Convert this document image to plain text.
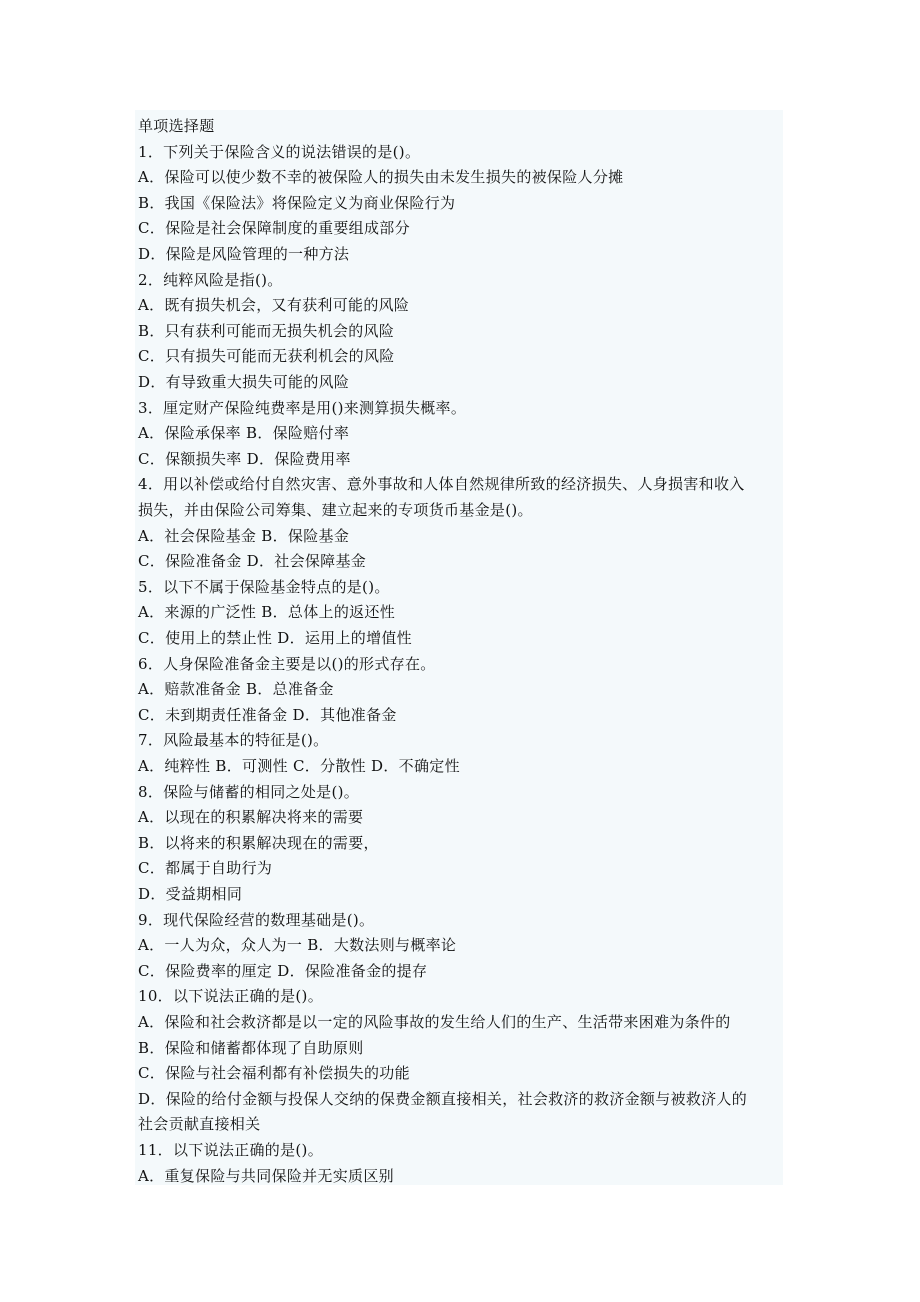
单项选择题
1．下列关于保险含义的说法错误的是()。
A．保险可以使少数不幸的被保险人的损失由未发生损失的被保险人分摊
B．我国《保险法》将保险定义为商业保险行为
C．保险是社会保障制度的重要组成部分
D．保险是风险管理的一种方法
2．纯粹风险是指()。
A．既有损失机会，又有获利可能的风险
B．只有获利可能而无损失机会的风险
C．只有损失可能而无获利机会的风险
D．有导致重大损失可能的风险
3．厘定财产保险纯费率是用()来测算损失概率。
A．保险承保率 B．保险赔付率
C．保额损失率 D．保险费用率
4．用以补偿或给付自然灾害、意外事故和人体自然规律所致的经济损失、人身损害和收入
损失，并由保险公司筹集、建立起来的专项货币基金是()。
A．社会保险基金 B．保险基金
C．保险准备金 D．社会保障基金
5．以下不属于保险基金特点的是()。
A．来源的广泛性 B．总体上的返还性
C．使用上的禁止性 D．运用上的增值性
6．人身保险准备金主要是以()的形式存在。
A．赔款准备金 B．总准备金
C．未到期责任准备金 D．其他准备金
7．风险最基本的特征是()。
A．纯粹性 B．可测性 C．分散性 D．不确定性
8．保险与储蓄的相同之处是()。
A．以现在的积累解决将来的需要
B．以将来的积累解决现在的需要，
C．都属于自助行为
D．受益期相同
9．现代保险经营的数理基础是()。
A．一人为众，众人为一 B．大数法则与概率论
C．保险费率的厘定 D．保险准备金的提存
10．以下说法正确的是()。
A．保险和社会救济都是以一定的风险事故的发生给人们的生产、生活带来困难为条件的
B．保险和储蓄都体现了自助原则
C．保险与社会福利都有补偿损失的功能
D．保险的给付金额与投保人交纳的保费金额直接相关，社会救济的救济金额与被救济人的
社会贡献直接相关
11．以下说法正确的是()。
A．重复保险与共同保险并无实质区别
